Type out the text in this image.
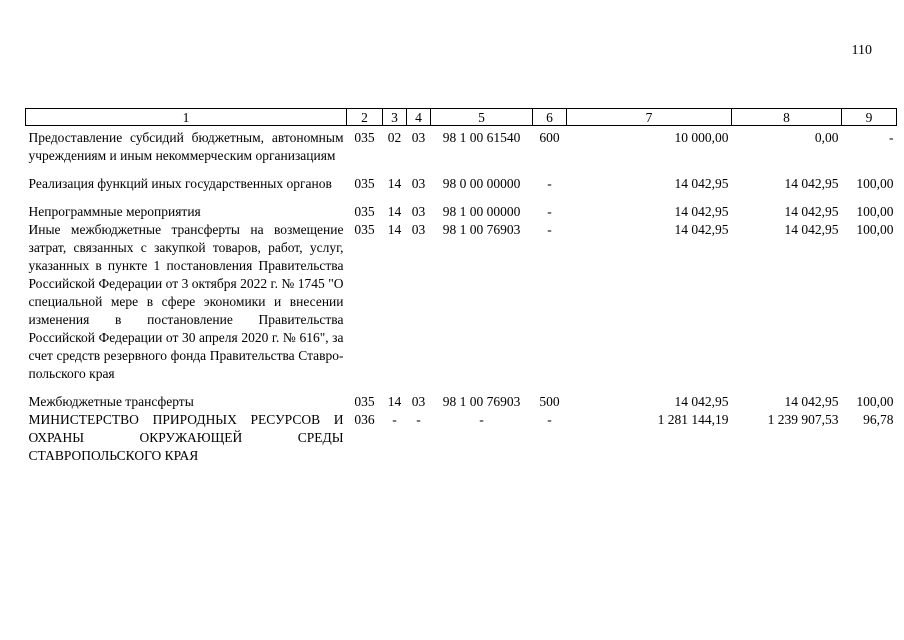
110
1	2	3	4	5	6	7	8	9
Предоставление субсидий бюджетным, автономным учреждениям и иным некоммерческим организациям	035	02	03	98 1 00 61540	600	10 000,00	0,00	-
Реализация функций иных государственных органов	035	14	03	98 0 00 00000	-	14 042,95	14 042,95	100,00
Непрограммные мероприятия	035	14	03	98 1 00 00000	-	14 042,95	14 042,95	100,00
Иные межбюджетные трансферты на возмещение затрат, связанных с закупкой товаров, работ, услуг, указанных в пункте 1 постановления Правительства Российской Федерации от 3 октября 2022 г. № 1745 "О специальной мере в сфере экономики и внесении изменения в постановление Правительства Российской Федерации от 30 апреля 2020 г. № 616", за счет средств резервного фонда Правительства Ставро-польского края	035	14	03	98 1 00 76903	-	14 042,95	14 042,95	100,00
Межбюджетные трансферты	035	14	03	98 1 00 76903	500	14 042,95	14 042,95	100,00
МИНИСТЕРСТВО ПРИРОДНЫХ РЕСУРСОВ И ОХРАНЫ ОКРУЖАЮЩЕЙ СРЕДЫ СТАВРОПОЛЬСКОГО КРАЯ	036	-	-	-	-	1 281 144,19	1 239 907,53	96,78
